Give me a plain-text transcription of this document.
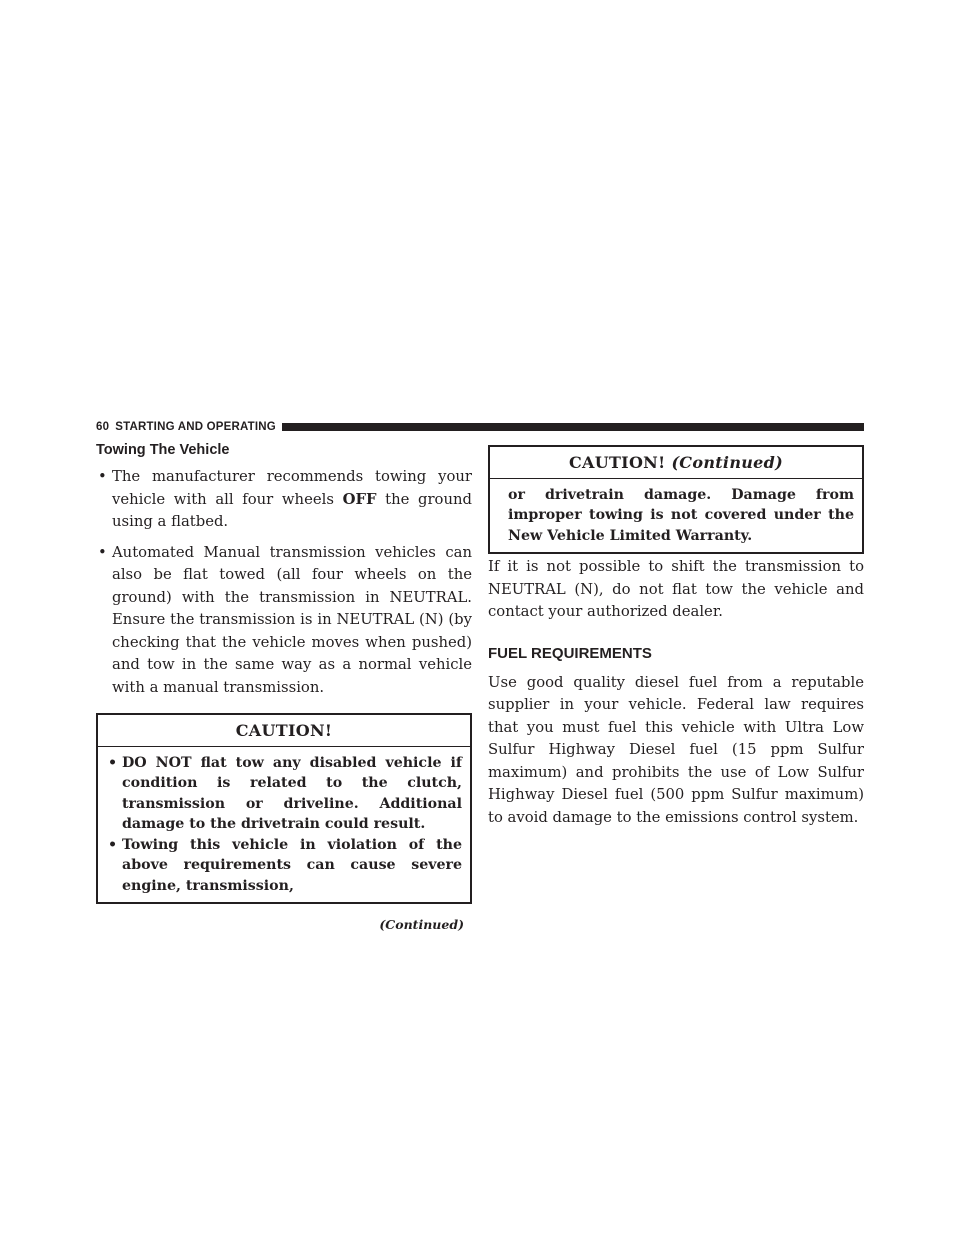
60 STARTING AND OPERATING
Towing The Vehicle
• The manufacturer recommends towing your vehicle with all four wheels OFF the ground using a flatbed.
• Automated Manual transmission vehicles can also be flat towed (all four wheels on the ground) with the transmission in NEUTRAL. Ensure the transmission is in NEUTRAL (N) (by checking that the vehicle moves when pushed) and tow in the same way as a normal vehicle with a manual transmission.
CAUTION!
• DO NOT flat tow any disabled vehicle if condition is related to the clutch, transmission or driveline. Additional damage to the drivetrain could result.
• Towing this vehicle in violation of the above requirements can cause severe engine, transmission,
(Continued)
CAUTION! (Continued)

or drivetrain damage. Damage from improper towing is not covered under the New Vehicle Limited Warranty.

If it is not possible to shift the transmission to NEUTRAL (N), do not flat tow the vehicle and contact your authorized dealer.

FUEL REQUIREMENTS

Use good quality diesel fuel from a reputable supplier in your vehicle. Federal law requires that you must fuel this vehicle with Ultra Low Sulfur Highway Diesel fuel (15 ppm Sulfur maximum) and prohibits the use of Low Sulfur Highway Diesel fuel (500 ppm Sulfur maximum) to avoid damage to the emissions control system.
